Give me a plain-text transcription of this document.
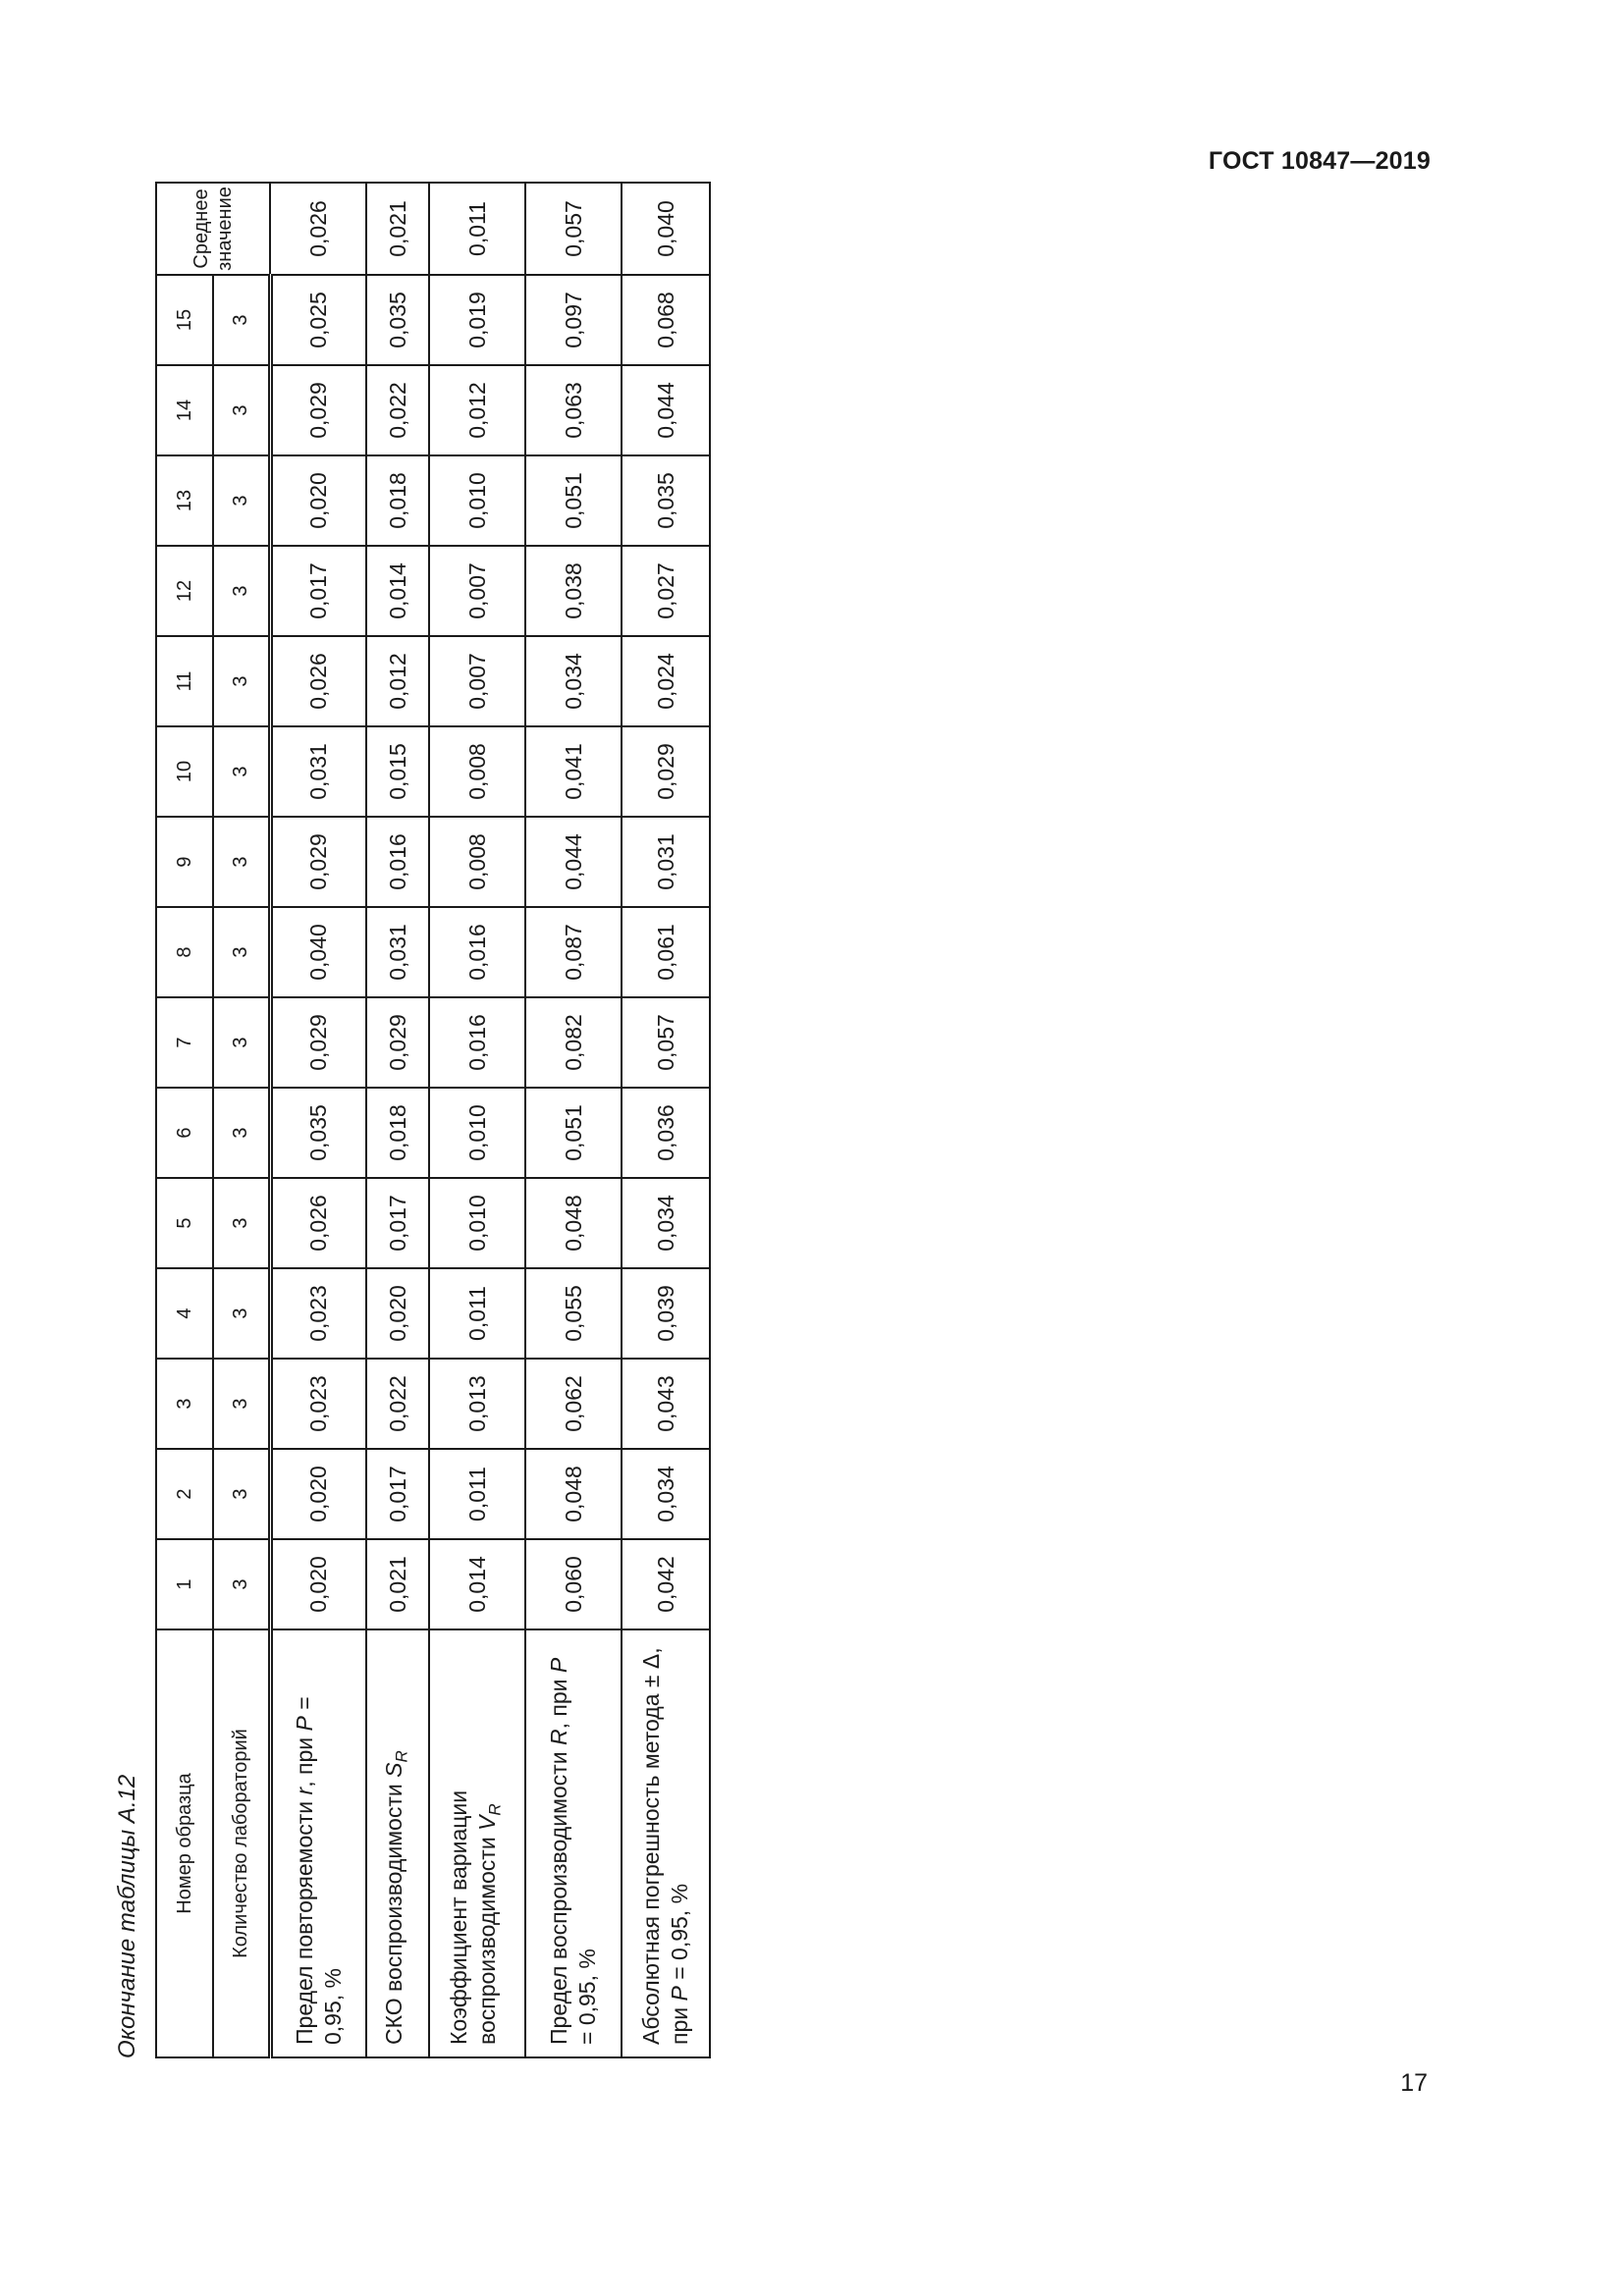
ГОСТ 10847—2019
Окончание таблицы А.12	Номер образца	1	2	3	4	5	6	7	8	9	10	11	12	13	14	15	Среднее значение
Количество лабораторий	3	3	3	3	3	3	3	3	3	3	3	3	3	3	3	
Предел повторяемости r, при P = 0,95, %	0,020	0,020	0,023	0,023	0,026	0,035	0,029	0,040	0,029	0,031	0,026	0,017	0,020	0,029	0,025	0,026
СКО воспроизводимости $S_R$	0,021	0,017	0,022	0,020	0,017	0,018	0,029	0,031	0,016	0,015	0,012	0,014	0,018	0,022	0,035	0,021
Коэффициент вариации воспроизводимости $V_R$	0,014	0,011	0,013	0,011	0,010	0,010	0,016	0,016	0,008	0,008	0,007	0,007	0,010	0,012	0,019	0,011
Предел воспроизводимости R, при P = 0,95, %	0,060	0,048	0,062	0,055	0,048	0,051	0,082	0,087	0,044	0,041	0,034	0,038	0,051	0,063	0,097	0,057
Абсолютная погрешность метода ± Δ, при P = 0,95, %	0,042	0,034	0,043	0,039	0,034	0,036	0,057	0,061	0,031	0,029	0,024	0,027	0,035	0,044	0,068	0,040
17
